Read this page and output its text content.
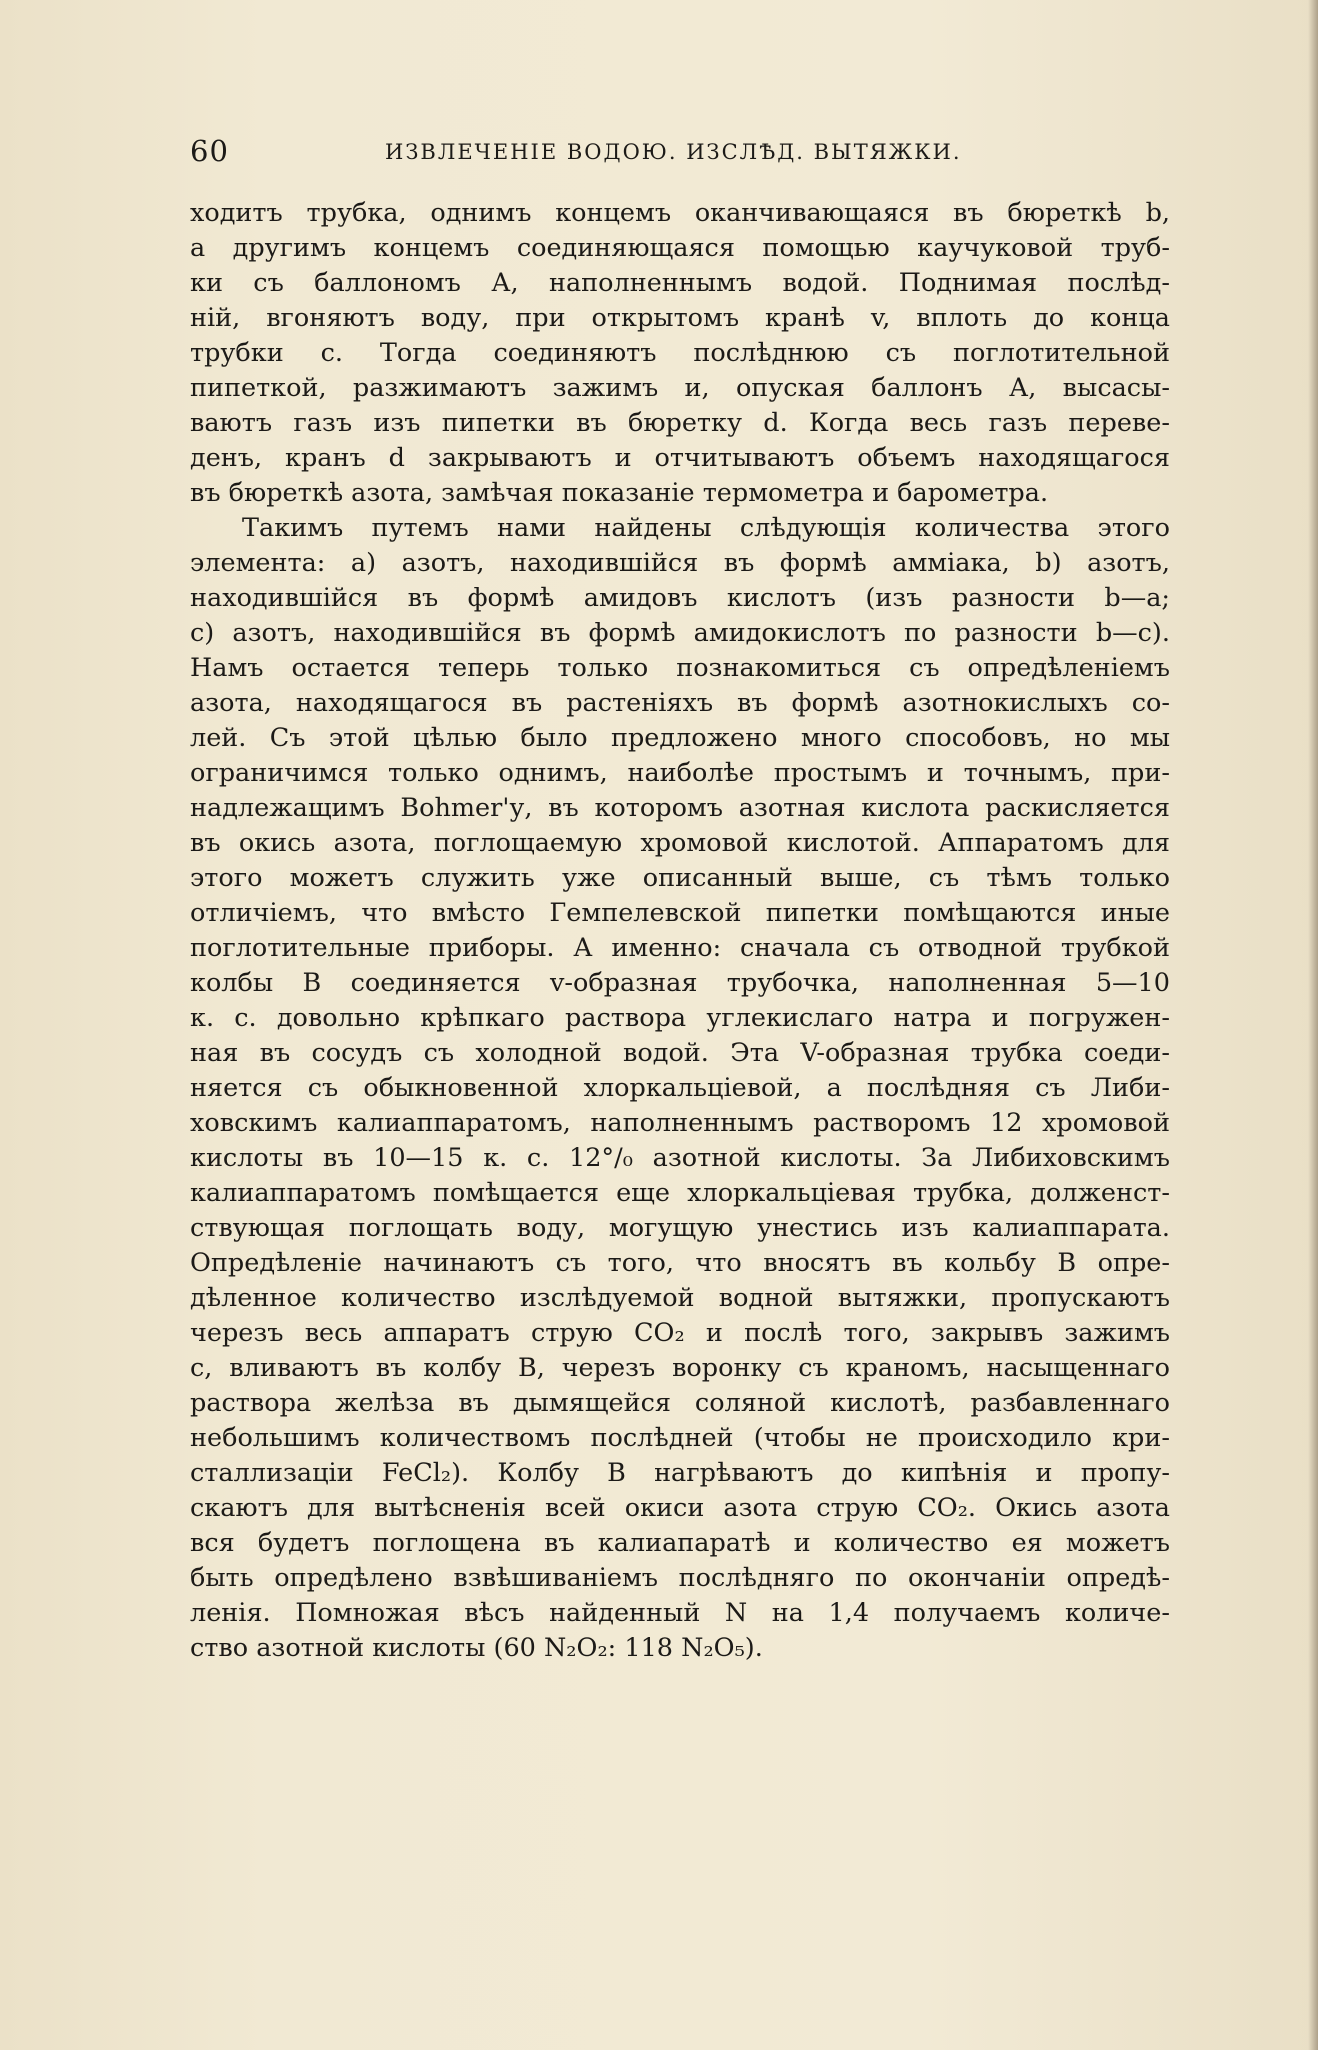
60	ИЗВЛЕЧЕНІЕ ВОДОЮ. ИЗСЛѢД. ВЫТЯЖКИ.
ходитъ трубка, однимъ концемъ оканчивающаяся въ бюреткѣ b,
а другимъ концемъ соединяющаяся помощью каучуковой труб-
ки съ баллономъ А, наполненнымъ водой. Поднимая послѣд-
ній, вгоняютъ воду, при открытомъ кранѣ v, вплоть до конца
трубки с. Тогда соединяютъ послѣднюю съ поглотительной
пипеткой, разжимаютъ зажимъ и, опуская баллонъ А, высасы-
ваютъ газъ изъ пипетки въ бюретку d. Когда весь газъ переве-
денъ, кранъ d закрываютъ и отчитываютъ объемъ находящагося
въ бюреткѣ азота, замѣчая показаніе термометра и барометра.
Такимъ путемъ нами найдены слѣдующія количества этого
элемента: а) азотъ, находившійся въ формѣ амміака, b) азотъ,
находившійся въ формѣ амидовъ кислотъ (изъ разности b—a;
c) азотъ, находившійся въ формѣ амидокислотъ по разности b—c).
Намъ остается теперь только познакомиться съ опредѣленіемъ
азота, находящагося въ растеніяхъ въ формѣ азотнокислыхъ со-
лей. Съ этой цѣлью было предложено много способовъ, но мы
ограничимся только однимъ, наиболѣе простымъ и точнымъ, при-
надлежащимъ Bohmer'у, въ которомъ азотная кислота раскисляется
въ окись азота, поглощаемую хромовой кислотой. Аппаратомъ для
этого можетъ служить уже описанный выше, съ тѣмъ только
отличіемъ, что вмѣсто Гемпелевской пипетки помѣщаются иные
поглотительные приборы. А именно: сначала съ отводной трубкой
колбы В соединяется v-образная трубочка, наполненная 5—10
к. с. довольно крѣпкаго раствора углекислаго натра и погружен-
ная въ сосудъ съ холодной водой. Эта V-образная трубка соеди-
няется съ обыкновенной хлоркальціевой, а послѣдняя съ Либи-
ховскимъ калиаппаратомъ, наполненнымъ растворомъ 12 хромовой
кислоты въ 10—15 к. с. 12°/₀ азотной кислоты. За Либиховскимъ
калиаппаратомъ помѣщается еще хлоркальціевая трубка, долженст-
ствующая поглощать воду, могущую унестись изъ калиаппарата.
Опредѣленіе начинаютъ съ того, что вносятъ въ кольбу В опре-
дѣленное количество изслѣдуемой водной вытяжки, пропускаютъ
черезъ весь аппаратъ струю CO₂ и послѣ того, закрывъ зажимъ
c, вливаютъ въ колбу В, черезъ воронку съ краномъ, насыщеннаго
раствора желѣза въ дымящейся соляной кислотѣ, разбавленнаго
небольшимъ количествомъ послѣдней (чтобы не происходило кри-
сталлизаціи FeCl₂). Колбу В нагрѣваютъ до кипѣнія и пропу-
скаютъ для вытѣсненія всей окиси азота струю CO₂. Окись азота
вся будетъ поглощена въ калиапаратѣ и количество ея можетъ
быть опредѣлено взвѣшиваніемъ послѣдняго по окончаніи опредѣ-
ленія. Помножая вѣсъ найденный N на 1,4 получаемъ количе-
ство азотной кислоты (60 N₂O₂: 118 N₂O₅).
